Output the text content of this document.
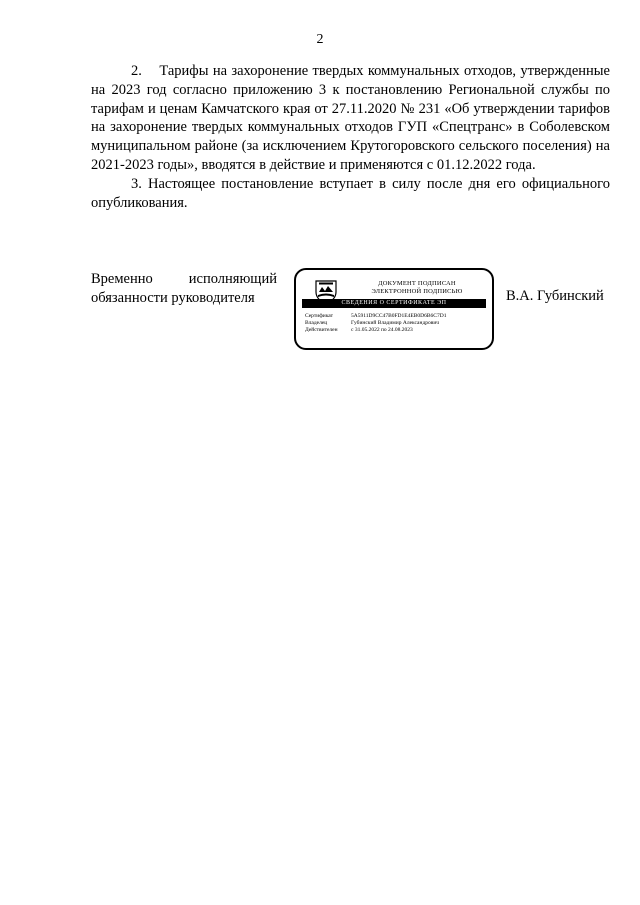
2

2.    Тарифы на захоронение твердых коммунальных отходов, утвержденные на 2023 год согласно приложению 3 к постановлению Региональной службы по тарифам и ценам Камчатского края от 27.11.2020 № 231 «Об утверждении тарифов на захоронение твердых коммунальных отходов ГУП «Спецтранс» в Соболевском муниципальном районе (за исключением Крутогоровского сельского поселения) на 2021-2023 годы», вводятся в действие и применяются с 01.12.2022 года.

3. Настоящее постановление вступает в силу после дня его официального опубликования.

Временно исполняющий
обязанности руководителя
ДОКУМЕНТ ПОДПИСАН
ЭЛЕКТРОННОЙ ПОДПИСЬЮ
СВЕДЕНИЯ О СЕРТИФИКАТЕ ЭП
Сертификат	5A5911D9CC47B0FD1E4EB0D6B6C7D1
Владелец	Губинский Владимир Александрович
Действителен	с 31.05.2022 по 24.08.2023
В.А. Губинский
